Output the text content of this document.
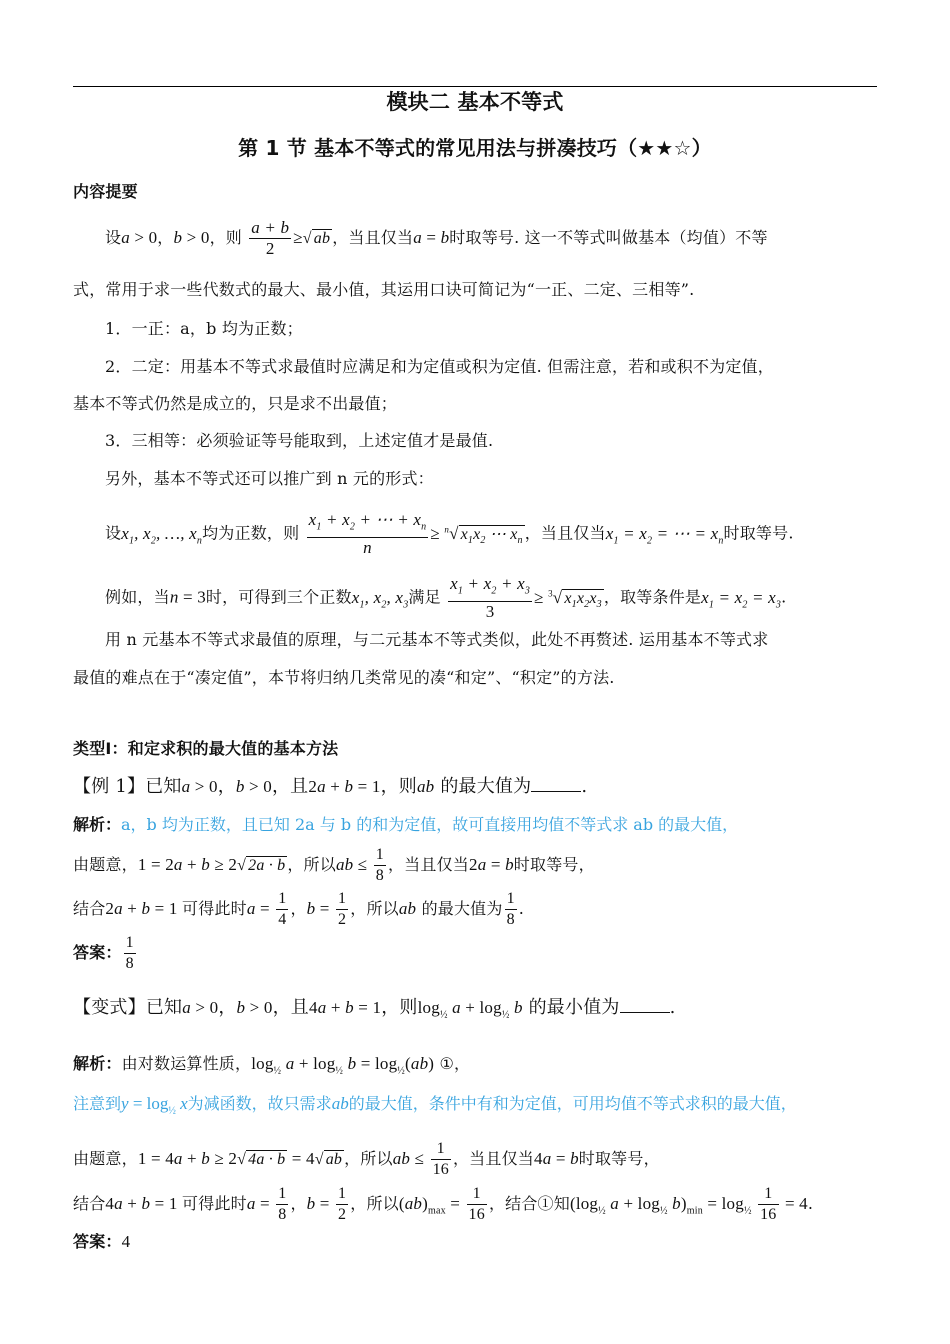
模块二 基本不等式
第 1 节 基本不等式的常见用法与拼凑技巧（★★☆）
内容提要
设a > 0，b > 0，则 $\frac{a + b}{2}$ ≥√ ab ，当且仅当a = b时取等号. 这一不等式叫做基本（均值）不等
式，常用于求一些代数式的最大、最小值，其运用口诀可简记为“一正、二定、三相等”.
1．一正：a，b 均为正数；
2．二定：用基本不等式求最值时应满足和为定值或积为定值. 但需注意，若和或积不为定值，
基本不等式仍然是成立的，只是求不出最值；
3．三相等：必须验证等号能取到，上述定值才是最值.
另外，基本不等式还可以推广到 n 元的形式：
设$x_1$, $x_2$, …, $x_n$均为正数，则 $\frac{x_1 + x_2 + \cdots + x_n}{n} \ge ^n√$ $x_1x_2$ ⋯ $x_n$ ，当且仅当$x_1 = x_2$ = ⋯ = $x_n$时取等号.
例如，当n = 3时，可得到三个正数$x_1$, $x_2$, $x_3$满足 $\frac{x_1 + x_2 + x_3}{3} \ge ^3√$ $x_1x_2x_3$ ，取等条件是$x_1 = x_2 = x_3$.
用 n 元基本不等式求最值的原理，与二元基本不等式类似，此处不再赘述. 运用基本不等式求
最值的难点在于“凑定值”，本节将归纳几类常见的凑“和定”、“积定”的方法.
类型Ⅰ：和定求积的最大值的基本方法
【例 1】已知a > 0，b > 0，且2a + b = 1，则ab 的最大值为	.
解析：a，b 均为正数，且已知 2a 与 b 的和为定值，故可直接用均值不等式求 ab 的最大值，
由题意，1 = 2a + b ≥ 2√ 2a · b ，所以ab ≤ $\frac{1}{8}$ ，当且仅当2a = b时取等号，
结合2a + b = 1 可得此时$a = \frac{1}{4}$ ，$b = \frac{1}{2}$ ，所以ab 的最大值为 $\frac{1}{8}$ .
答案： $\frac{1}{8}$
【变式】已知a > 0，b > 0，且4a + b = 1，则$\log_{\frac{1}{2}} a + \log_{\frac{1}{2}} b$ 的最小值为	.
解析：由对数运算性质，$\log_{\frac{1}{2}} a + \log_{\frac{1}{2}} b = \log_{\frac{1}{2}}(ab)$ ①，
注意到$y = \log_{\frac{1}{2}} x$为减函数，故只需求ab的最大值，条件中有和为定值，可用均值不等式求积的最大值，
由题意，1 = 4a + b ≥ 2√ 4a · b = 4√ ab ，所以ab ≤ $\frac{1}{16}$ ，当且仅当4a = b时取等号，
结合4a + b = 1 可得此时$a = \frac{1}{8}$ ，$b = \frac{1}{2}$ ，所以$(ab)_{max} = \frac{1}{16}$ ，结合①知($\log_{\frac{1}{2}}$ $a + \log_{\frac{1}{2}} b)_{min} = \log_{\frac{1}{2}} \frac{1}{16} = 4$.
答案：4
